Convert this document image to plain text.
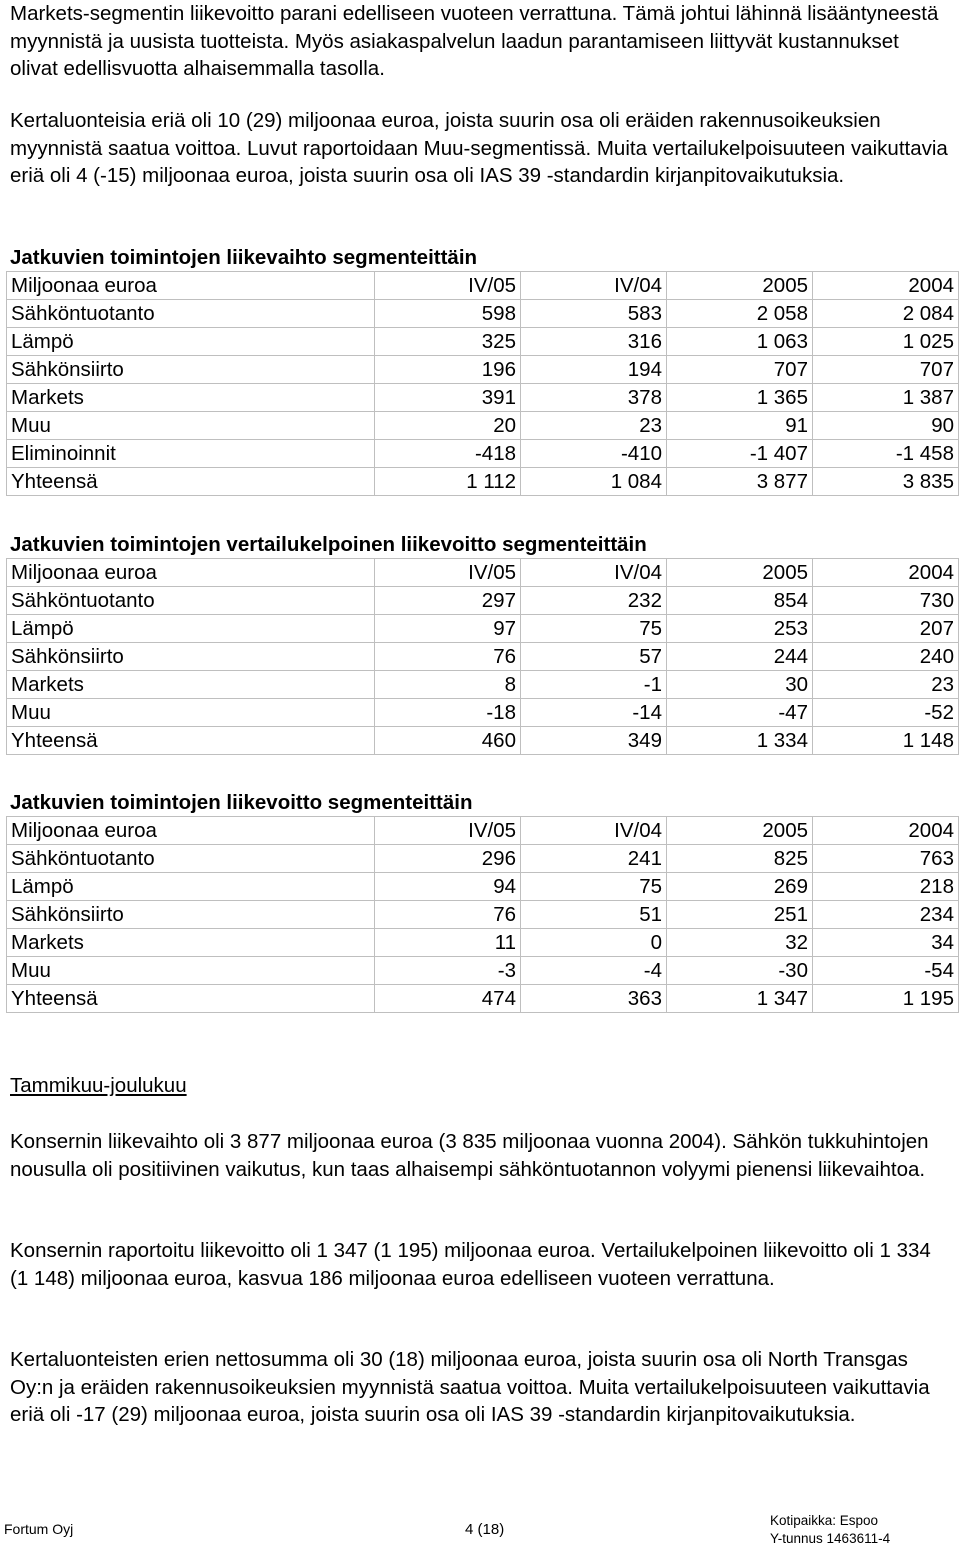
Markets-segmentin liikevoitto parani edelliseen vuoteen verrattuna. Tämä johtui lähinnä lisääntyneestä myynnistä ja uusista tuotteista. Myös asiakaspalvelun laadun parantamiseen liittyvät kustannukset olivat edellisvuotta alhaisemmalla tasolla.

Kertaluonteisia eriä oli 10 (29) miljoonaa euroa, joista suurin osa oli eräiden rakennusoikeuksien myynnistä saatua voittoa. Luvut raportoidaan Muu-segmentissä. Muita vertailukelpoisuuteen vaikuttavia eriä oli 4 (-15) miljoonaa euroa, joista suurin osa oli IAS 39 -standardin kirjanpitovaikutuksia.

Jatkuvien toimintojen liikevaihto segmenteittäin
Miljoonaa euroa	IV/05	IV/04	2005	2004
Sähköntuotanto	598	583	2 058	2 084
Lämpö	325	316	1 063	1 025
Sähkönsiirto	196	194	707	707
Markets	391	378	1 365	1 387
Muu	20	23	91	90
Eliminoinnit	-418	-410	-1 407	-1 458
Yhteensä	1 112	1 084	3 877	3 835
Jatkuvien toimintojen vertailukelpoinen liikevoitto segmenteittäin
Miljoonaa euroa	IV/05	IV/04	2005	2004
Sähköntuotanto	297	232	854	730
Lämpö	97	75	253	207
Sähkönsiirto	76	57	244	240
Markets	8	-1	30	23
Muu	-18	-14	-47	-52
Yhteensä	460	349	1 334	1 148
Jatkuvien toimintojen liikevoitto segmenteittäin
Miljoonaa euroa	IV/05	IV/04	2005	2004
Sähköntuotanto	296	241	825	763
Lämpö	94	75	269	218
Sähkönsiirto	76	51	251	234
Markets	11	0	32	34
Muu	-3	-4	-30	-54
Yhteensä	474	363	1 347	1 195
Tammikuu-joulukuu

Konsernin liikevaihto oli 3 877 miljoonaa euroa (3 835 miljoonaa vuonna 2004). Sähkön tukkuhintojen nousulla oli positiivinen vaikutus, kun taas alhaisempi sähköntuotannon volyymi pienensi liikevaihtoa.

Konsernin raportoitu liikevoitto oli 1 347 (1 195) miljoonaa euroa. Vertailukelpoinen liikevoitto oli 1 334 (1 148) miljoonaa euroa, kasvua 186 miljoonaa euroa edelliseen vuoteen verrattuna.

Kertaluonteisten erien nettosumma oli 30 (18) miljoonaa euroa, joista suurin osa oli North Transgas Oy:n ja eräiden rakennusoikeuksien myynnistä saatua voittoa. Muita vertailukelpoisuuteen vaikuttavia eriä oli -17 (29) miljoonaa euroa, joista suurin osa oli IAS 39 -standardin kirjanpitovaikutuksia.

Fortum Oyj	4 (18)
Kotipaikka: Espoo
Y-tunnus 1463611-4
